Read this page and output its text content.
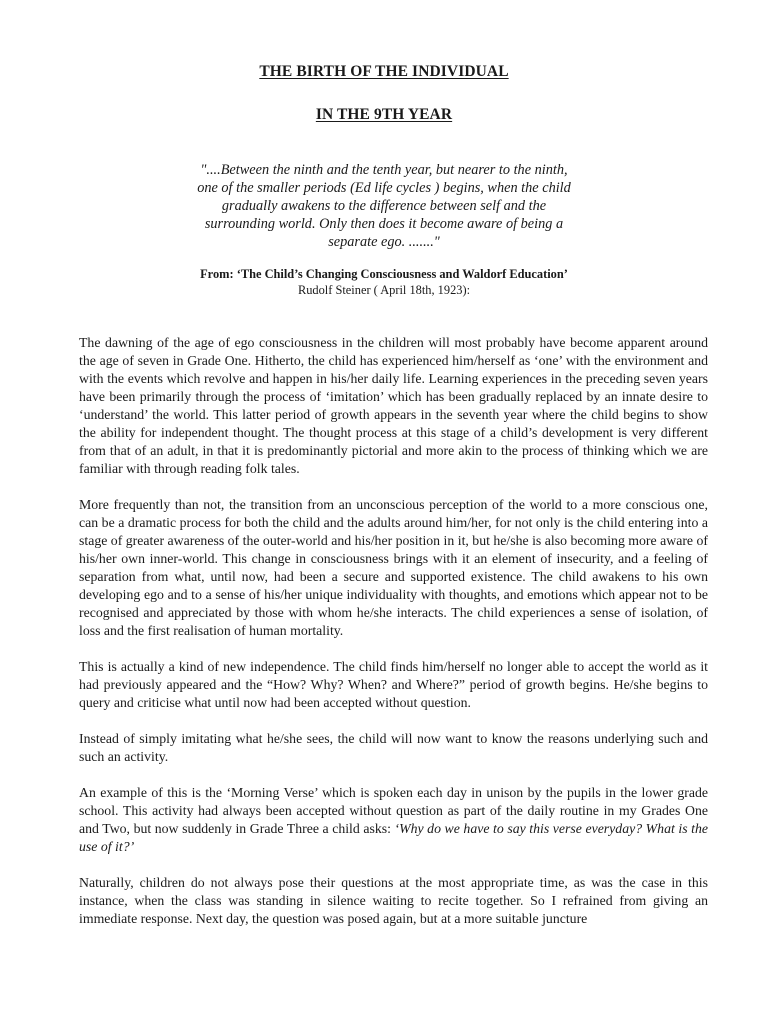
THE BIRTH OF THE INDIVIDUAL
IN THE 9TH YEAR
"....Between the ninth and the tenth year, but nearer to the ninth, one of the smaller periods (Ed life cycles ) begins, when the child gradually awakens to the difference between self and the surrounding world. Only then does it become aware of being a separate ego. ......."
From: ‘The Child’s Changing Consciousness and Waldorf Education’
Rudolf Steiner ( April 18th, 1923):

The dawning of the age of ego consciousness in the children will most probably have become apparent around the age of seven in Grade One. Hitherto, the child has experienced him/herself as ‘one’ with the environment and with the events which revolve and happen in his/her daily life. Learning experiences in the preceding seven years have been primarily through the process of ‘imitation’ which has been gradually replaced by an innate desire to ‘understand’ the world. This latter period of growth appears in the seventh year where the child begins to show the ability for independent thought. The thought process at this stage of a child’s development is very different from that of an adult, in that it is predominantly pictorial and more akin to the process of thinking which we are familiar with through reading folk tales.

More frequently than not, the transition from an unconscious perception of the world to a more conscious one, can be a dramatic process for both the child and the adults around him/her, for not only is the child entering into a stage of greater awareness of the outer-world and his/her position in it, but he/she is also becoming more aware of his/her own inner-world. This change in consciousness brings with it an element of insecurity, and a feeling of separation from what, until now, had been a secure and supported existence. The child awakens to his own developing ego and to a sense of his/her unique individuality with thoughts, and emotions which appear not to be recognised and appreciated by those with whom he/she interacts. The child experiences a sense of isolation, of loss and the first realisation of human mortality.

This is actually a kind of new independence. The child finds him/herself no longer able to accept the world as it had previously appeared and the “How? Why? When? and Where?” period of growth begins. He/she begins to query and criticise what until now had been accepted without question.

Instead of simply imitating what he/she sees, the child will now want to know the reasons underlying such and such an activity.

An example of this is the ‘Morning Verse’ which is spoken each day in unison by the pupils in the lower grade school. This activity had always been accepted without question as part of the daily routine in my Grades One and Two, but now suddenly in Grade Three a child asks: ‘Why do we have to say this verse everyday? What is the use of it?’

Naturally, children do not always pose their questions at the most appropriate time, as was the case in this instance, when the class was standing in silence waiting to recite together. So I refrained from giving an immediate response. Next day, the question was posed again, but at a more suitable juncture
